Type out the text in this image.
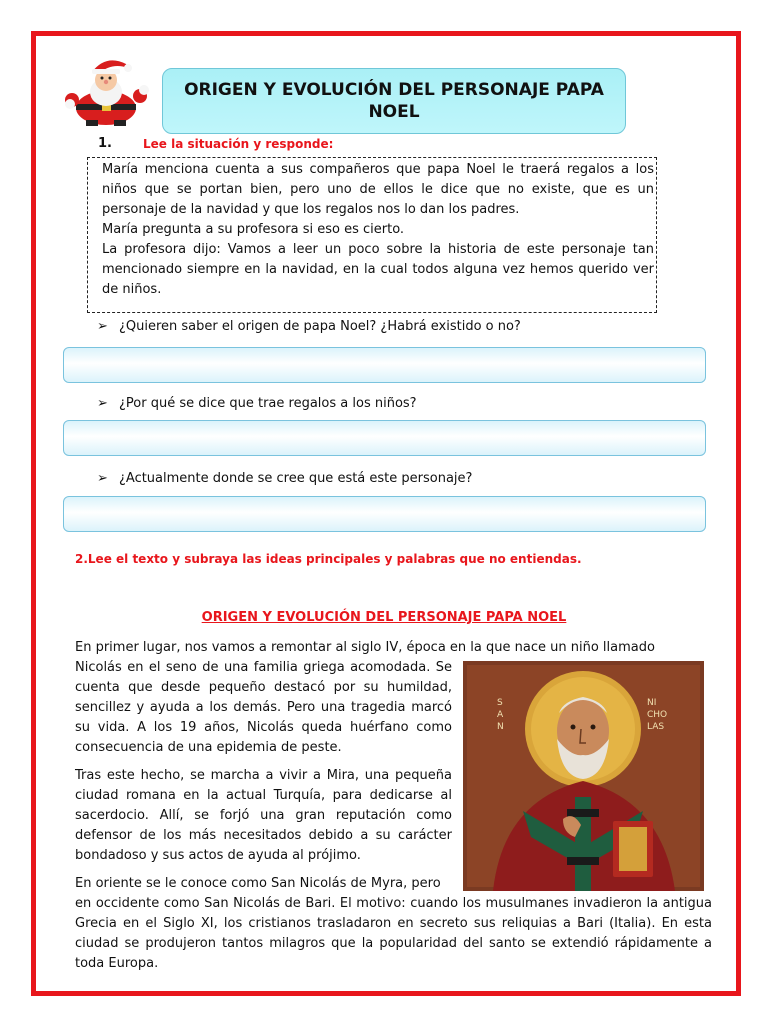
ORIGEN Y EVOLUCIÓN DEL PERSONAJE PAPA NOEL
1.	Lee la situación y responde:

María menciona cuenta a sus compañeros que papa Noel le traerá regalos a los niños que se portan bien, pero uno de ellos le dice que no existe, que es un personaje de la navidad y que los regalos nos lo dan los padres.

María pregunta a su profesora si eso es cierto.

La profesora dijo: Vamos a leer un poco sobre la historia de este personaje tan mencionado siempre en la navidad, en la cual todos alguna vez hemos querido ver de niños.

➢ ¿Quieren saber el origen de papa Noel? ¿Habrá existido o no?
➢ ¿Por qué se dice que trae regalos a los niños?
➢ ¿Actualmente donde se cree que está este personaje?
2.Lee el texto y subraya las ideas principales y palabras que no entiendas.
ORIGEN Y EVOLUCIÓN DEL PERSONAJE PAPA NOEL

En primer lugar, nos vamos a remontar al siglo IV, época en la que nace un niño llamado

Nicolás en el seno de una familia griega acomodada. Se cuenta que desde pequeño destacó por su humildad, sencillez y ayuda a los demás. Pero una tragedia marcó su vida. A los 19 años, Nicolás queda huérfano como consecuencia de una epidemia de peste.

Tras este hecho, se marcha a vivir a Mira, una pequeña ciudad romana en la actual Turquía, para dedicarse al sacerdocio. Allí, se forjó una gran reputación como defensor de los más necesitados debido a su carácter bondadoso y sus actos de ayuda al prójimo.

En oriente se le conoce como San Nicolás de Myra, pero

en occidente como San Nicolás de Bari. El motivo: cuando los musulmanes invadieron la antigua Grecia en el Siglo XI, los cristianos trasladaron en secreto sus reliquias a Bari (Italia). En esta ciudad se produjeron tantos milagros que la popularidad del santo se extendió rápidamente a toda Europa.

S A N
NI CHO LAS
